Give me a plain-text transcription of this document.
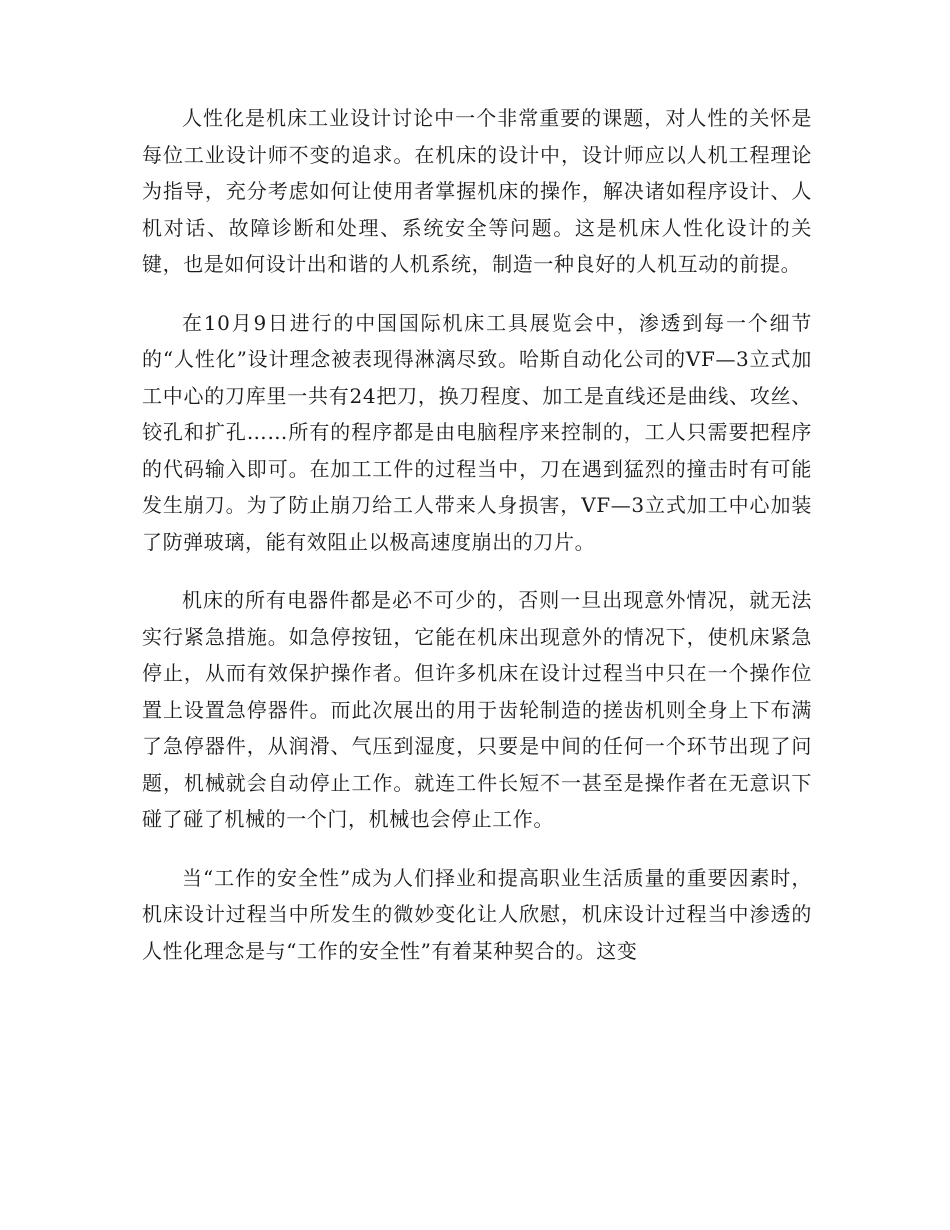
人性化是机床工业设计讨论中一个非常重要的课题，对人性的关怀是每位工业设计师不变的追求。在机床的设计中，设计师应以人机工程理论为指导，充分考虑如何让使用者掌握机床的操作，解决诸如程序设计、人机对话、故障诊断和处理、系统安全等问题。这是机床人性化设计的关键，也是如何设计出和谐的人机系统，制造一种良好的人机互动的前提。

在10月9日进行的中国国际机床工具展览会中，渗透到每一个细节的“人性化”设计理念被表现得淋漓尽致。哈斯自动化公司的VF—3立式加工中心的刀库里一共有24把刀，换刀程度、加工是直线还是曲线、攻丝、铰孔和扩孔……所有的程序都是由电脑程序来控制的，工人只需要把程序的代码输入即可。在加工工件的过程当中，刀在遇到猛烈的撞击时有可能发生崩刀。为了防止崩刀给工人带来人身损害，VF—3立式加工中心加装了防弹玻璃，能有效阻止以极高速度崩出的刀片。

机床的所有电器件都是必不可少的，否则一旦出现意外情况，就无法实行紧急措施。如急停按钮，它能在机床出现意外的情况下，使机床紧急停止，从而有效保护操作者。但许多机床在设计过程当中只在一个操作位置上设置急停器件。而此次展出的用于齿轮制造的搓齿机则全身上下布满了急停器件，从润滑、气压到湿度，只要是中间的任何一个环节出现了问题，机械就会自动停止工作。就连工件长短不一甚至是操作者在无意识下碰了碰了机械的一个门，机械也会停止工作。

当“工作的安全性”成为人们择业和提高职业生活质量的重要因素时，机床设计过程当中所发生的微妙变化让人欣慰，机床设计过程当中渗透的人性化理念是与“工作的安全性”有着某种契合的。这变
